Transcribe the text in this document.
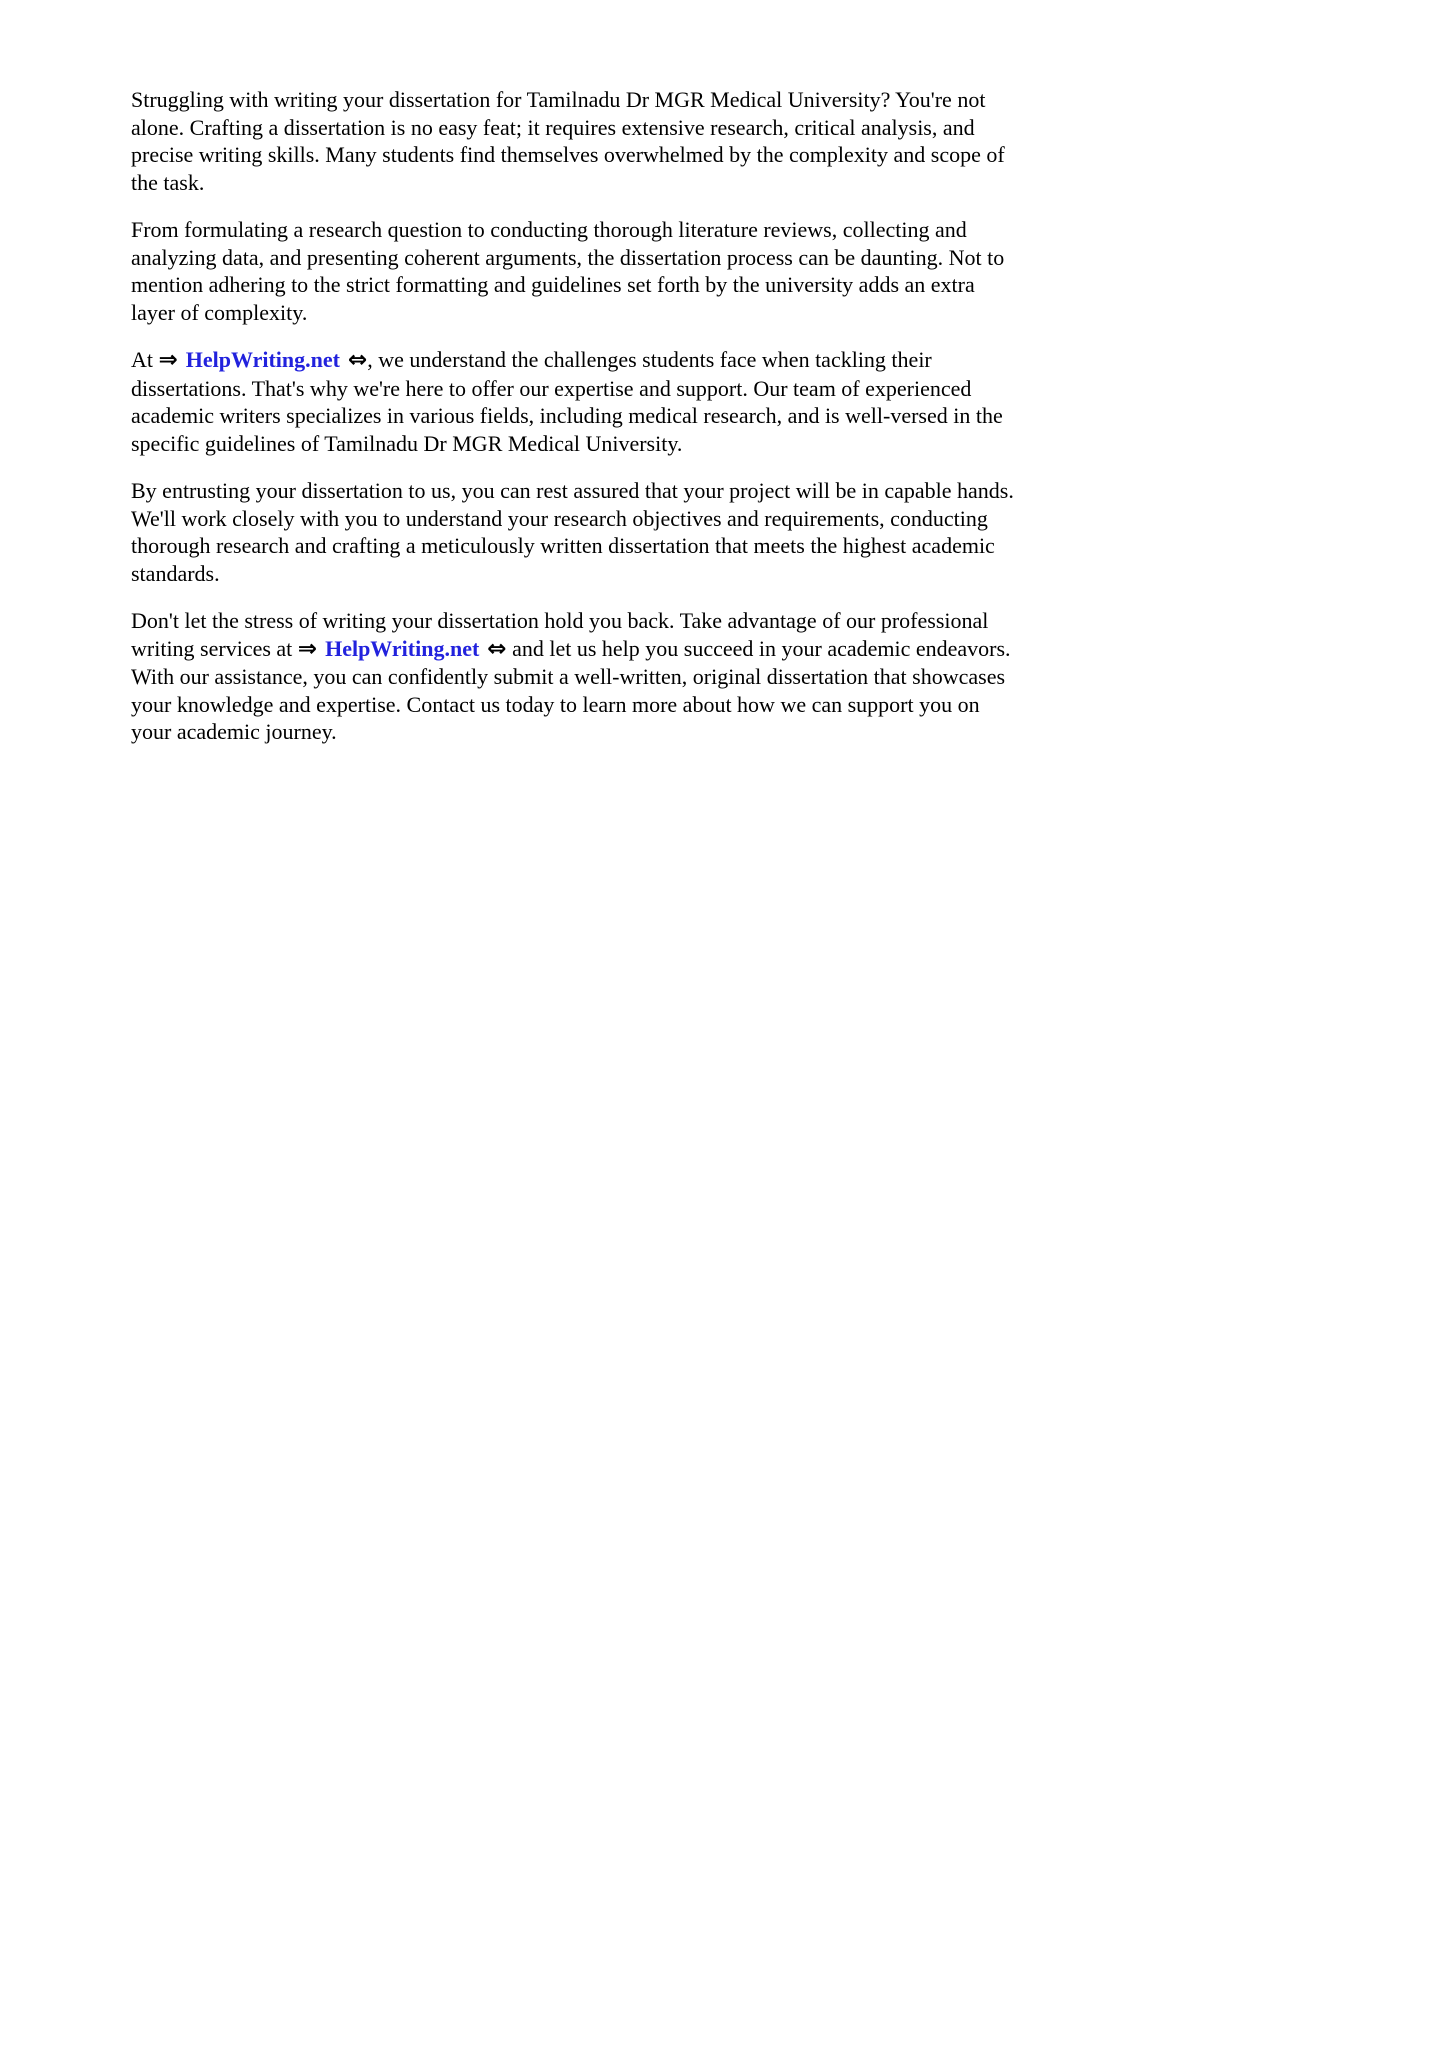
Struggling with writing your dissertation for Tamilnadu Dr MGR Medical University? You're not
alone. Crafting a dissertation is no easy feat; it requires extensive research, critical analysis, and
precise writing skills. Many students find themselves overwhelmed by the complexity and scope of
the task.
From formulating a research question to conducting thorough literature reviews, collecting and
analyzing data, and presenting coherent arguments, the dissertation process can be daunting. Not to
mention adhering to the strict formatting and guidelines set forth by the university adds an extra
layer of complexity.
At ⇒ HelpWriting.net ⇔, we understand the challenges students face when tackling their
dissertations. That's why we're here to offer our expertise and support. Our team of experienced
academic writers specializes in various fields, including medical research, and is well-versed in the
specific guidelines of Tamilnadu Dr MGR Medical University.
By entrusting your dissertation to us, you can rest assured that your project will be in capable hands.
We'll work closely with you to understand your research objectives and requirements, conducting
thorough research and crafting a meticulously written dissertation that meets the highest academic
standards.
Don't let the stress of writing your dissertation hold you back. Take advantage of our professional
writing services at ⇒ HelpWriting.net ⇔ and let us help you succeed in your academic endeavors.
With our assistance, you can confidently submit a well-written, original dissertation that showcases
your knowledge and expertise. Contact us today to learn more about how we can support you on
your academic journey.
